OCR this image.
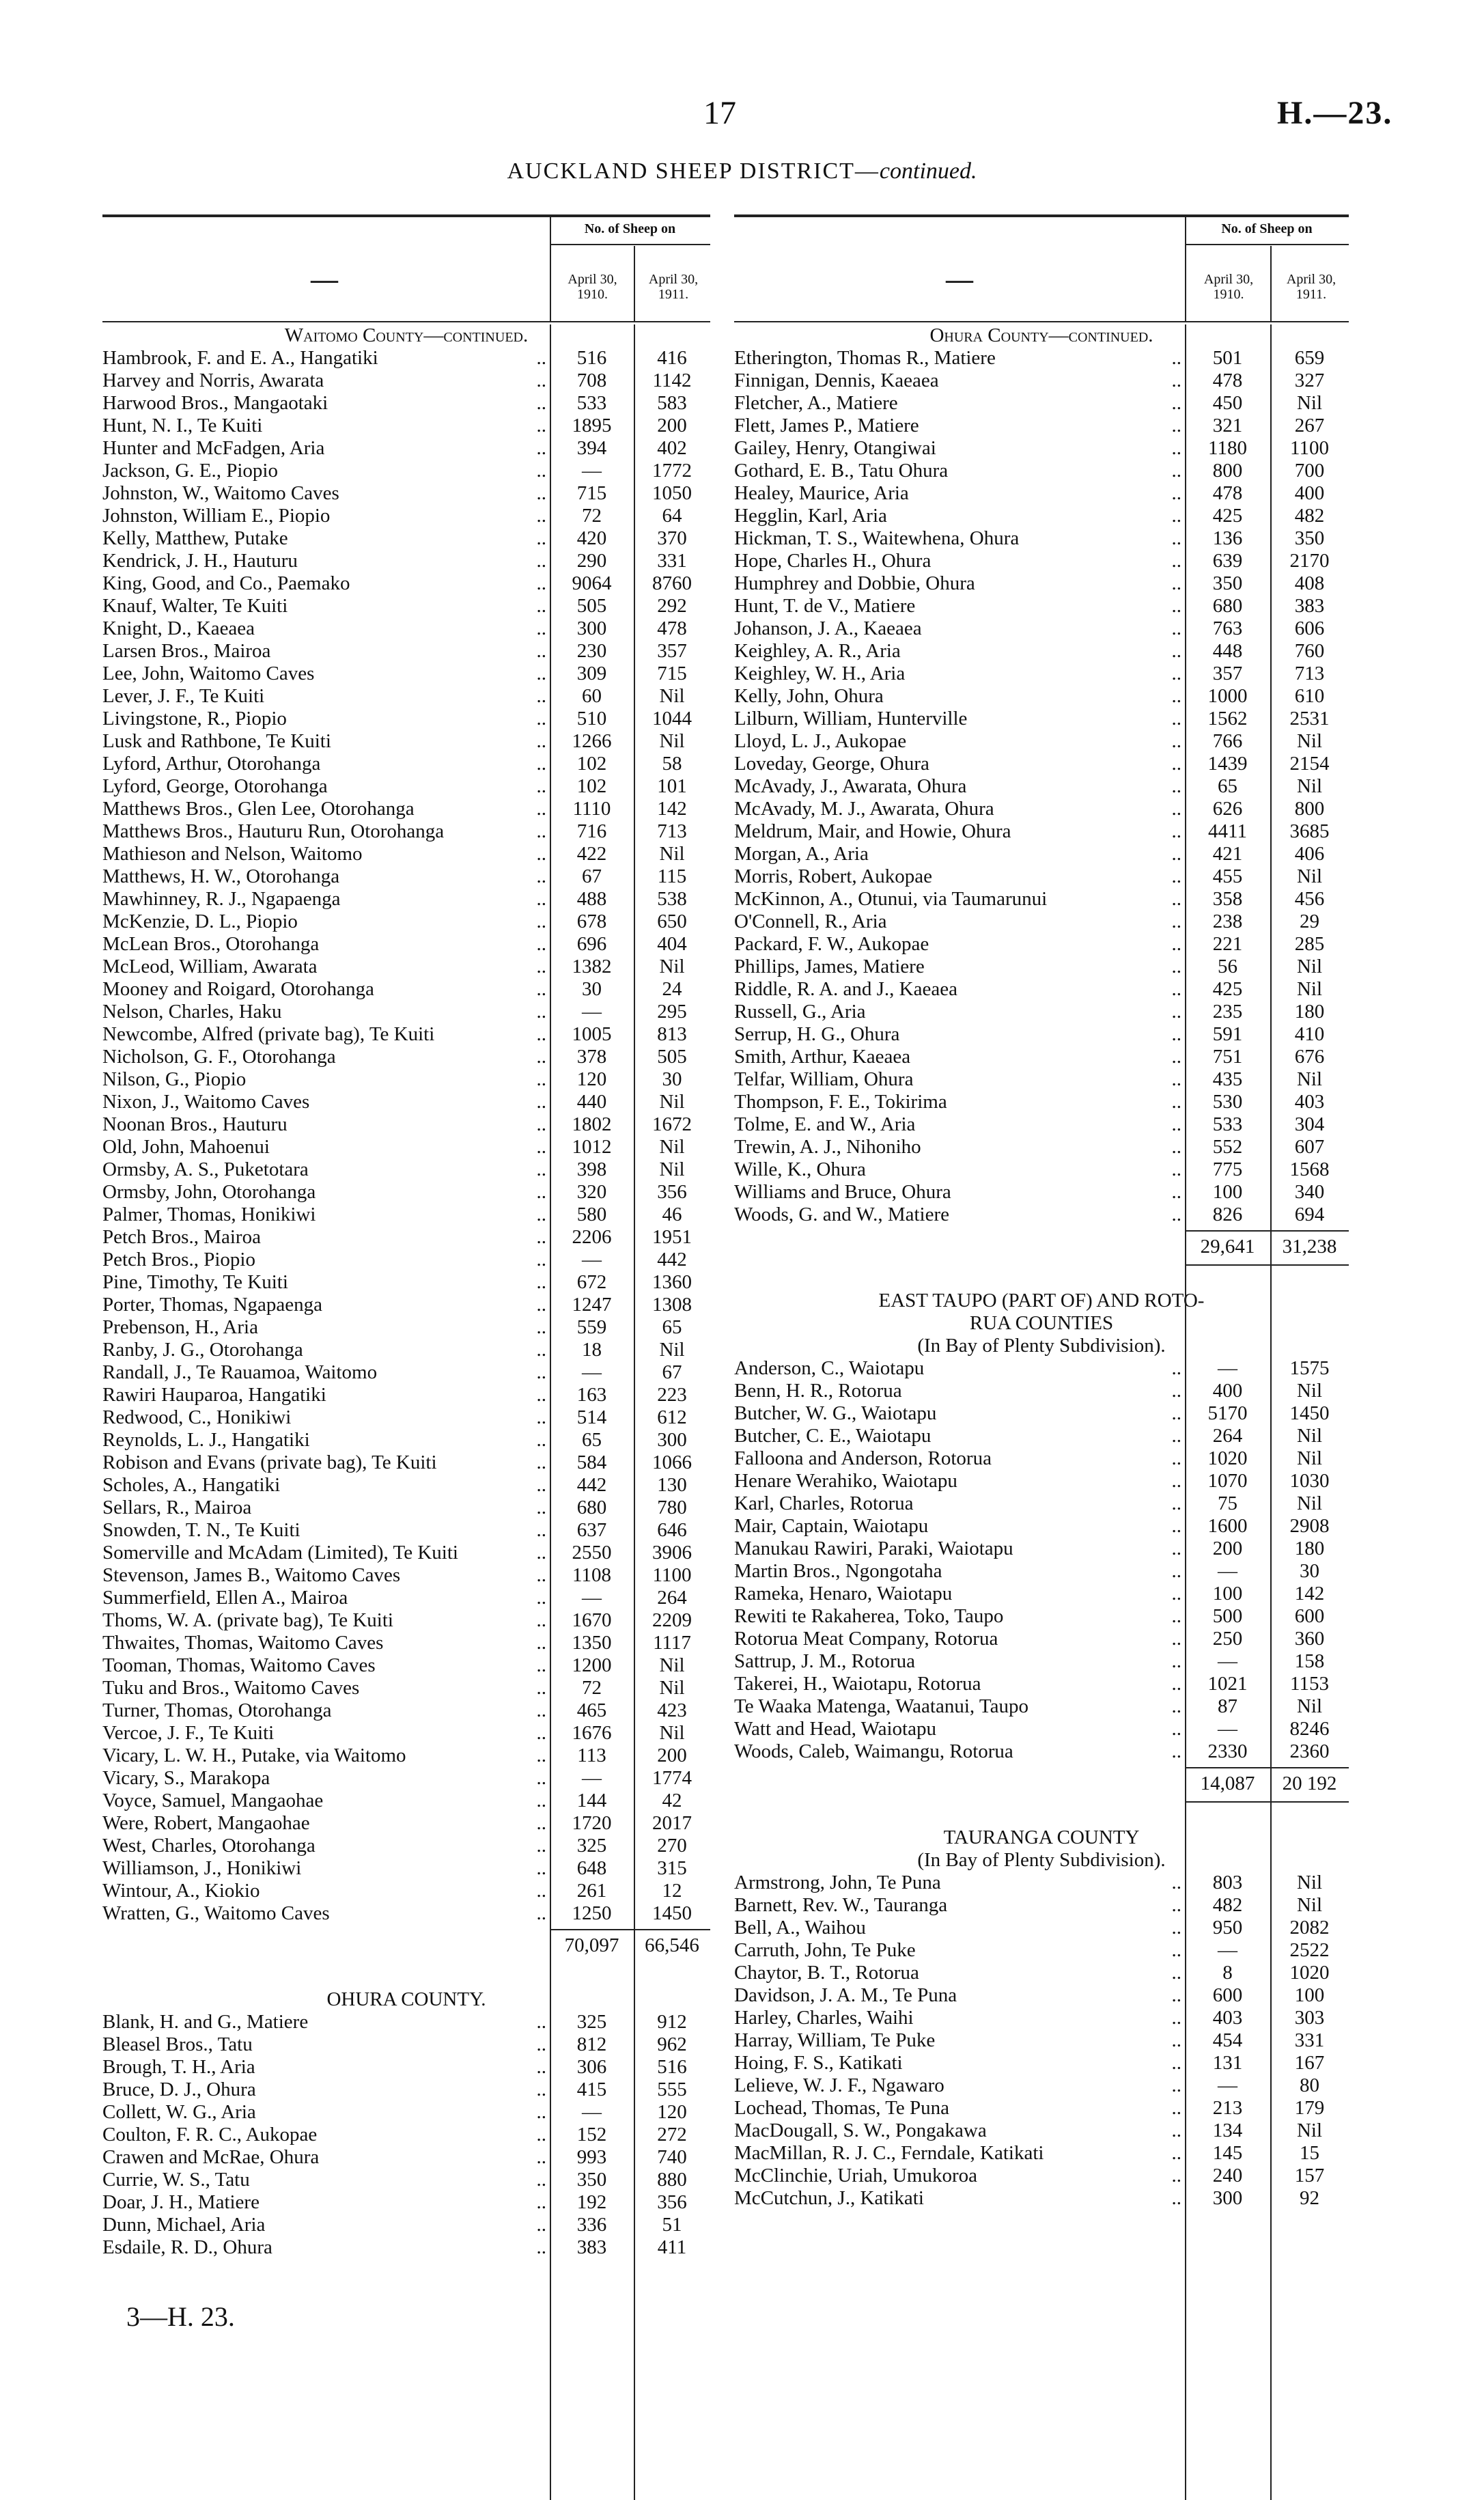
17	H.—23.
AUCKLAND SHEEP DISTRICT—continued.
—
No. of Sheep on
April 30, 1910.
April 30, 1911.
Waitomo County—continued.
Hambrook, F. and E. A., Hangatiki	..	516	416
Harvey and Norris, Awarata	..	708	1142
Harwood Bros., Mangaotaki	..	533	583
Hunt, N. I., Te Kuiti	..	1895	200
Hunter and McFadgen, Aria	..	394	402
Jackson, G. E., Piopio	..	—	1772
Johnston, W., Waitomo Caves	..	715	1050
Johnston, William E., Piopio	..	72	64
Kelly, Matthew, Putake	..	420	370
Kendrick, J. H., Hauturu	..	290	331
King, Good, and Co., Paemako	..	9064	8760
Knauf, Walter, Te Kuiti	..	505	292
Knight, D., Kaeaea	..	300	478
Larsen Bros., Mairoa	..	230	357
Lee, John, Waitomo Caves	..	309	715
Lever, J. F., Te Kuiti	..	60	Nil
Livingstone, R., Piopio	..	510	1044
Lusk and Rathbone, Te Kuiti	..	1266	Nil
Lyford, Arthur, Otorohanga	..	102	58
Lyford, George, Otorohanga	..	102	101
Matthews Bros., Glen Lee, Otorohanga	..	1110	142
Matthews Bros., Hauturu Run, Otorohanga	..	716	713
Mathieson and Nelson, Waitomo	..	422	Nil
Matthews, H. W., Otorohanga	..	67	115
Mawhinney, R. J., Ngapaenga	..	488	538
McKenzie, D. L., Piopio	..	678	650
McLean Bros., Otorohanga	..	696	404
McLeod, William, Awarata	..	1382	Nil
Mooney and Roigard, Otorohanga	..	30	24
Nelson, Charles, Haku	..	—	295
Newcombe, Alfred (private bag), Te Kuiti	..	1005	813
Nicholson, G. F., Otorohanga	..	378	505
Nilson, G., Piopio	..	120	30
Nixon, J., Waitomo Caves	..	440	Nil
Noonan Bros., Hauturu	..	1802	1672
Old, John, Mahoenui	..	1012	Nil
Ormsby, A. S., Puketotara	..	398	Nil
Ormsby, John, Otorohanga	..	320	356
Palmer, Thomas, Honikiwi	..	580	46
Petch Bros., Mairoa	..	2206	1951
Petch Bros., Piopio	..	—	442
Pine, Timothy, Te Kuiti	..	672	1360
Porter, Thomas, Ngapaenga	..	1247	1308
Prebenson, H., Aria	..	559	65
Ranby, J. G., Otorohanga	..	18	Nil
Randall, J., Te Rauamoa, Waitomo	..	—	67
Rawiri Hauparoa, Hangatiki	..	163	223
Redwood, C., Honikiwi	..	514	612
Reynolds, L. J., Hangatiki	..	65	300
Robison and Evans (private bag), Te Kuiti	..	584	1066
Scholes, A., Hangatiki	..	442	130
Sellars, R., Mairoa	..	680	780
Snowden, T. N., Te Kuiti	..	637	646
Somerville and McAdam (Limited), Te Kuiti	..	2550	3906
Stevenson, James B., Waitomo Caves	..	1108	1100
Summerfield, Ellen A., Mairoa	..	—	264
Thoms, W. A. (private bag), Te Kuiti	..	1670	2209
Thwaites, Thomas, Waitomo Caves	..	1350	1117
Tooman, Thomas, Waitomo Caves	..	1200	Nil
Tuku and Bros., Waitomo Caves	..	72	Nil
Turner, Thomas, Otorohanga	..	465	423
Vercoe, J. F., Te Kuiti	..	1676	Nil
Vicary, L. W. H., Putake, via Waitomo	..	113	200
Vicary, S., Marakopa	..	—	1774
Voyce, Samuel, Mangaohae	..	144	42
Were, Robert, Mangaohae	..	1720	2017
West, Charles, Otorohanga	..	325	270
Williamson, J., Honikiwi	..	648	315
Wintour, A., Kiokio	..	261	12
Wratten, G., Waitomo Caves	..	1250	1450
70,097	66,546
OHURA COUNTY.
Blank, H. and G., Matiere	..	325	912
Bleasel Bros., Tatu	..	812	962
Brough, T. H., Aria	..	306	516
Bruce, D. J., Ohura	..	415	555
Collett, W. G., Aria	..	—	120
Coulton, F. R. C., Aukopae	..	152	272
Crawen and McRae, Ohura	..	993	740
Currie, W. S., Tatu	..	350	880
Doar, J. H., Matiere	..	192	356
Dunn, Michael, Aria	..	336	51
Esdaile, R. D., Ohura	..	383	411
—
No. of Sheep on
April 30, 1910.
April 30, 1911.
Ohura County—continued.
Etherington, Thomas R., Matiere	..	501	659
Finnigan, Dennis, Kaeaea	..	478	327
Fletcher, A., Matiere	..	450	Nil
Flett, James P., Matiere	..	321	267
Gailey, Henry, Otangiwai	..	1180	1100
Gothard, E. B., Tatu Ohura	..	800	700
Healey, Maurice, Aria	..	478	400
Hegglin, Karl, Aria	..	425	482
Hickman, T. S., Waitewhena, Ohura	..	136	350
Hope, Charles H., Ohura	..	639	2170
Humphrey and Dobbie, Ohura	..	350	408
Hunt, T. de V., Matiere	..	680	383
Johanson, J. A., Kaeaea	..	763	606
Keighley, A. R., Aria	..	448	760
Keighley, W. H., Aria	..	357	713
Kelly, John, Ohura	..	1000	610
Lilburn, William, Hunterville	..	1562	2531
Lloyd, L. J., Aukopae	..	766	Nil
Loveday, George, Ohura	..	1439	2154
McAvady, J., Awarata, Ohura	..	65	Nil
McAvady, M. J., Awarata, Ohura	..	626	800
Meldrum, Mair, and Howie, Ohura	..	4411	3685
Morgan, A., Aria	..	421	406
Morris, Robert, Aukopae	..	455	Nil
McKinnon, A., Otunui, via Taumarunui	..	358	456
O'Connell, R., Aria	..	238	29
Packard, F. W., Aukopae	..	221	285
Phillips, James, Matiere	..	56	Nil
Riddle, R. A. and J., Kaeaea	..	425	Nil
Russell, G., Aria	..	235	180
Serrup, H. G., Ohura	..	591	410
Smith, Arthur, Kaeaea	..	751	676
Telfar, William, Ohura	..	435	Nil
Thompson, F. E., Tokirima	..	530	403
Tolme, E. and W., Aria	..	533	304
Trewin, A. J., Nihoniho	..	552	607
Wille, K., Ohura	..	775	1568
Williams and Bruce, Ohura	..	100	340
Woods, G. and W., Matiere	..	826	694
29,641	31,238
EAST TAUPO (PART OF) AND ROTO-
RUA COUNTIES
(In Bay of Plenty Subdivision).
Anderson, C., Waiotapu	..	—	1575
Benn, H. R., Rotorua	..	400	Nil
Butcher, W. G., Waiotapu	..	5170	1450
Butcher, C. E., Waiotapu	..	264	Nil
Falloona and Anderson, Rotorua	..	1020	Nil
Henare Werahiko, Waiotapu	..	1070	1030
Karl, Charles, Rotorua	..	75	Nil
Mair, Captain, Waiotapu	..	1600	2908
Manukau Rawiri, Paraki, Waiotapu	..	200	180
Martin Bros., Ngongotaha	..	—	30
Rameka, Henaro, Waiotapu	..	100	142
Rewiti te Rakaherea, Toko, Taupo	..	500	600
Rotorua Meat Company, Rotorua	..	250	360
Sattrup, J. M., Rotorua	..	—	158
Takerei, H., Waiotapu, Rotorua	..	1021	1153
Te Waaka Matenga, Waatanui, Taupo	..	87	Nil
Watt and Head, Waiotapu	..	—	8246
Woods, Caleb, Waimangu, Rotorua	..	2330	2360
14,087	20 192
TAURANGA COUNTY
(In Bay of Plenty Subdivision).
Armstrong, John, Te Puna	..	803	Nil
Barnett, Rev. W., Tauranga	..	482	Nil
Bell, A., Waihou	..	950	2082
Carruth, John, Te Puke	..	—	2522
Chaytor, B. T., Rotorua	..	8	1020
Davidson, J. A. M., Te Puna	..	600	100
Harley, Charles, Waihi	..	403	303
Harray, William, Te Puke	..	454	331
Hoing, F. S., Katikati	..	131	167
Lelieve, W. J. F., Ngawaro	..	—	80
Lochead, Thomas, Te Puna	..	213	179
MacDougall, S. W., Pongakawa	..	134	Nil
MacMillan, R. J. C., Ferndale, Katikati	..	145	15
McClinchie, Uriah, Umukoroa	..	240	157
McCutchun, J., Katikati	..	300	92
3—H. 23.
